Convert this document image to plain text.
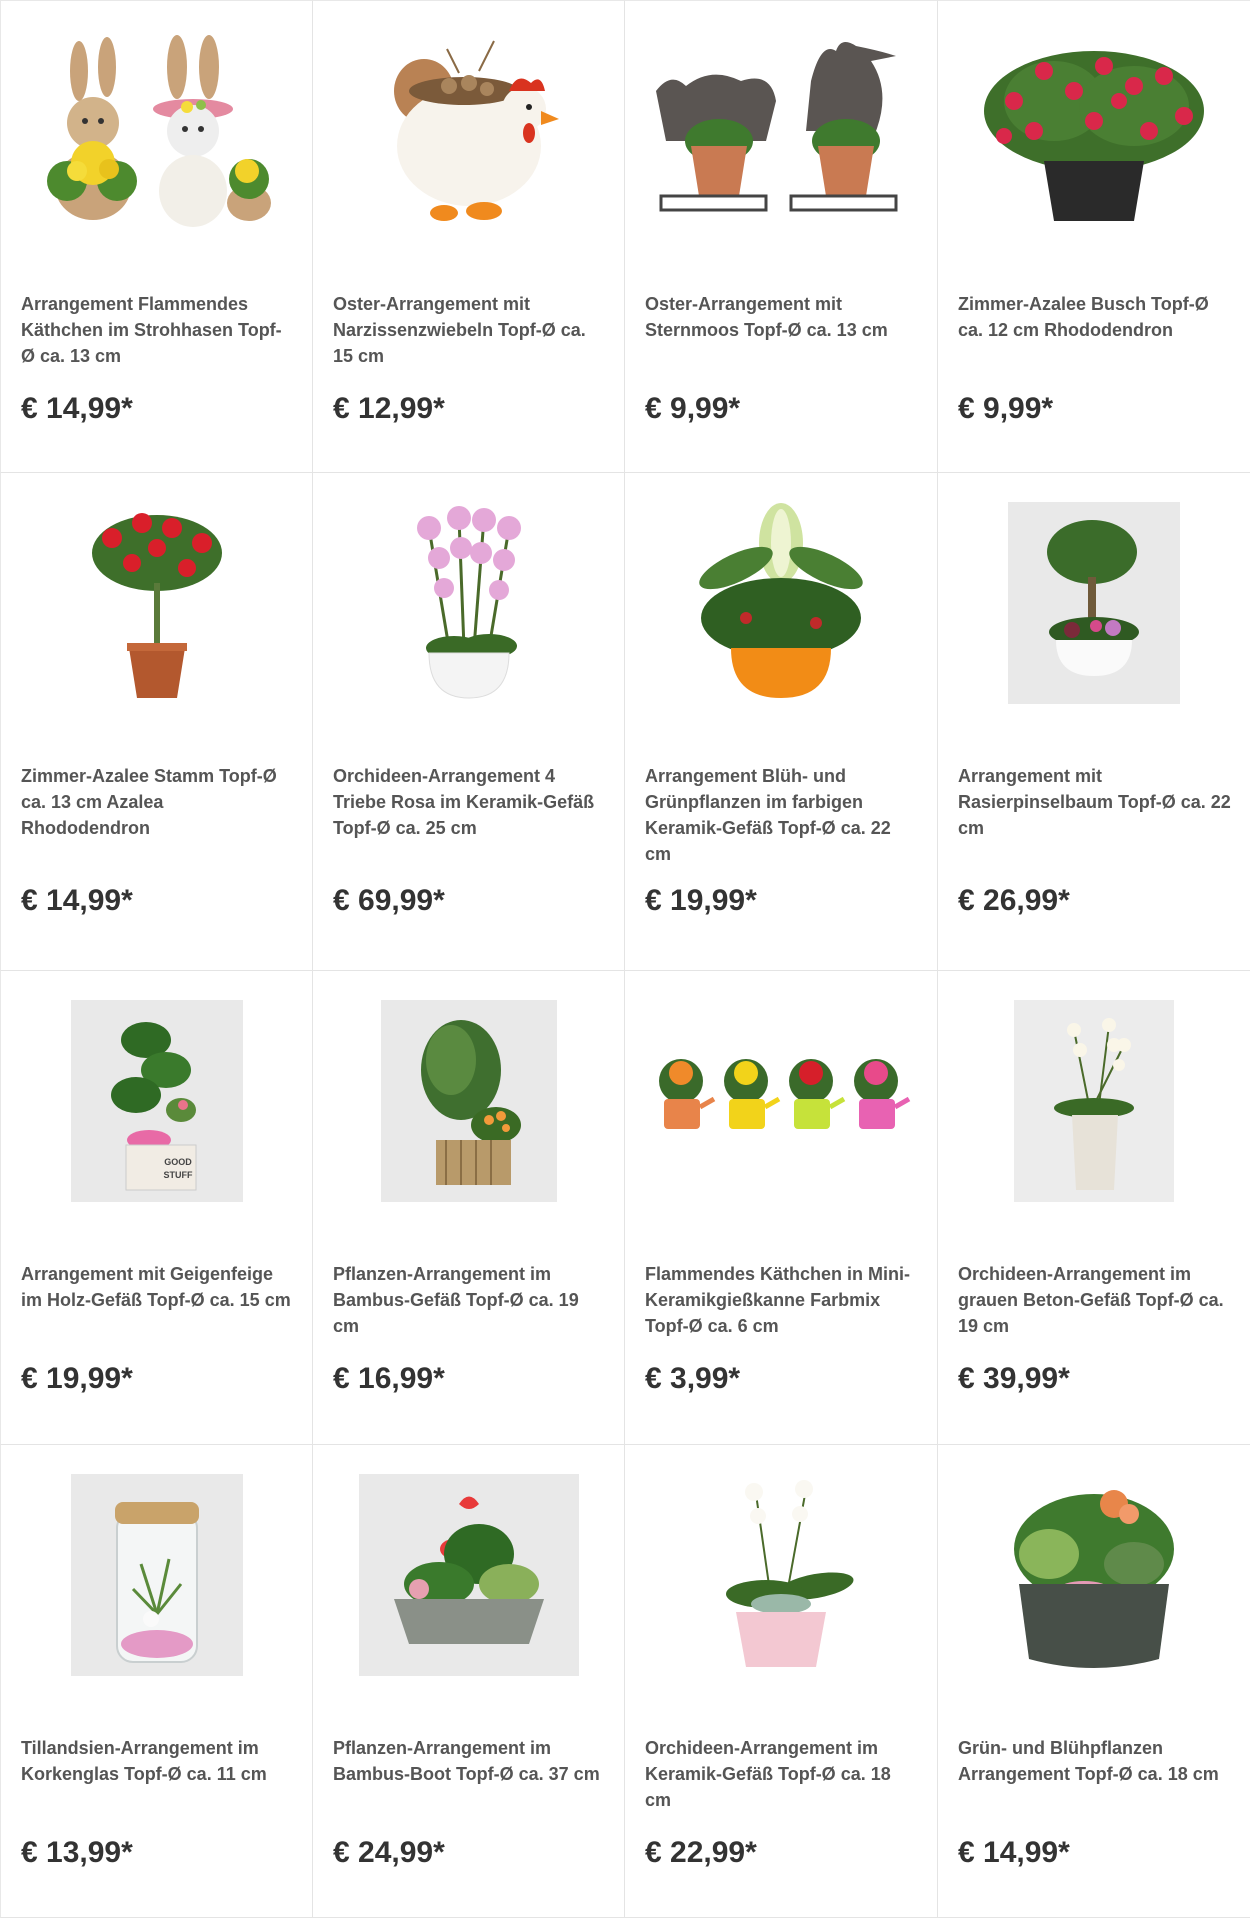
Arrangement Flammendes Käthchen im Strohhasen Topf-Ø ca. 13 cm
€ 14,99*
Oster-Arrangement mit Narzissenzwiebeln Topf-Ø ca. 15 cm
€ 12,99*
Oster-Arrangement mit Sternmoos Topf-Ø ca. 13 cm
€ 9,99*
Zimmer-Azalee Busch Topf-Ø ca. 12 cm Rhododendron
€ 9,99*
Zimmer-Azalee Stamm Topf-Ø ca. 13 cm Azalea Rhododendron
€ 14,99*
Orchideen-Arrangement 4 Triebe Rosa im Keramik-Gefäß Topf-Ø ca. 25 cm
€ 69,99*
Arrangement Blüh- und Grünpflanzen im farbigen Keramik-Gefäß Topf-Ø ca. 22 cm
€ 19,99*
Arrangement mit Rasierpinselbaum Topf-Ø ca. 22 cm
€ 26,99*
GOOD
STUFF
Arrangement mit Geigenfeige im Holz-Gefäß Topf-Ø ca. 15 cm
€ 19,99*
Pflanzen-Arrangement im Bambus-Gefäß Topf-Ø ca. 19 cm
€ 16,99*
Flammendes Käthchen in Mini-Keramikgießkanne Farbmix Topf-Ø ca. 6 cm
€ 3,99*
Orchideen-Arrangement im grauen Beton-Gefäß Topf-Ø ca. 19 cm
€ 39,99*
Tillandsien-Arrangement im Korkenglas Topf-Ø ca. 11 cm
€ 13,99*
Pflanzen-Arrangement im Bambus-Boot Topf-Ø ca. 37 cm
€ 24,99*
Orchideen-Arrangement im Keramik-Gefäß Topf-Ø ca. 18 cm
€ 22,99*
Grün- und Blühpflanzen Arrangement Topf-Ø ca. 18 cm
€ 14,99*
